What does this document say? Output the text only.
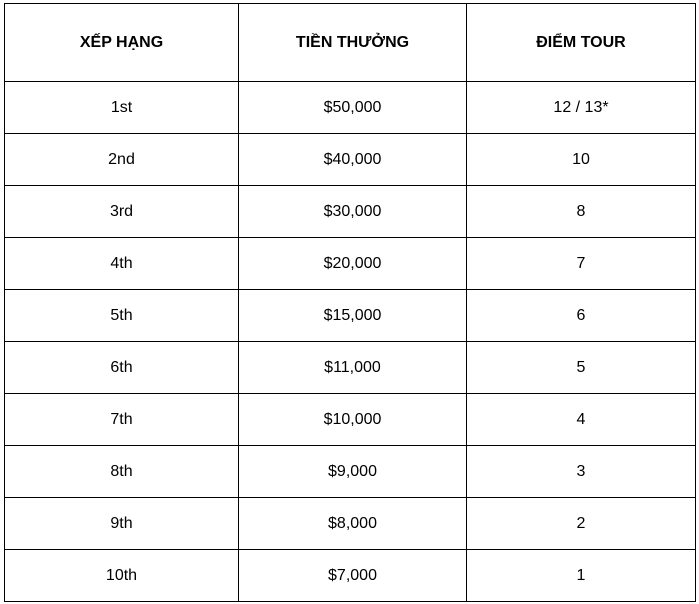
XẾP HẠNG	TIỀN THƯỞNG	ĐIỂM TOUR
1st	$50,000	12 / 13*
2nd	$40,000	10
3rd	$30,000	8
4th	$20,000	7
5th	$15,000	6
6th	$11,000	5
7th	$10,000	4
8th	$9,000	3
9th	$8,000	2
10th	$7,000	1
